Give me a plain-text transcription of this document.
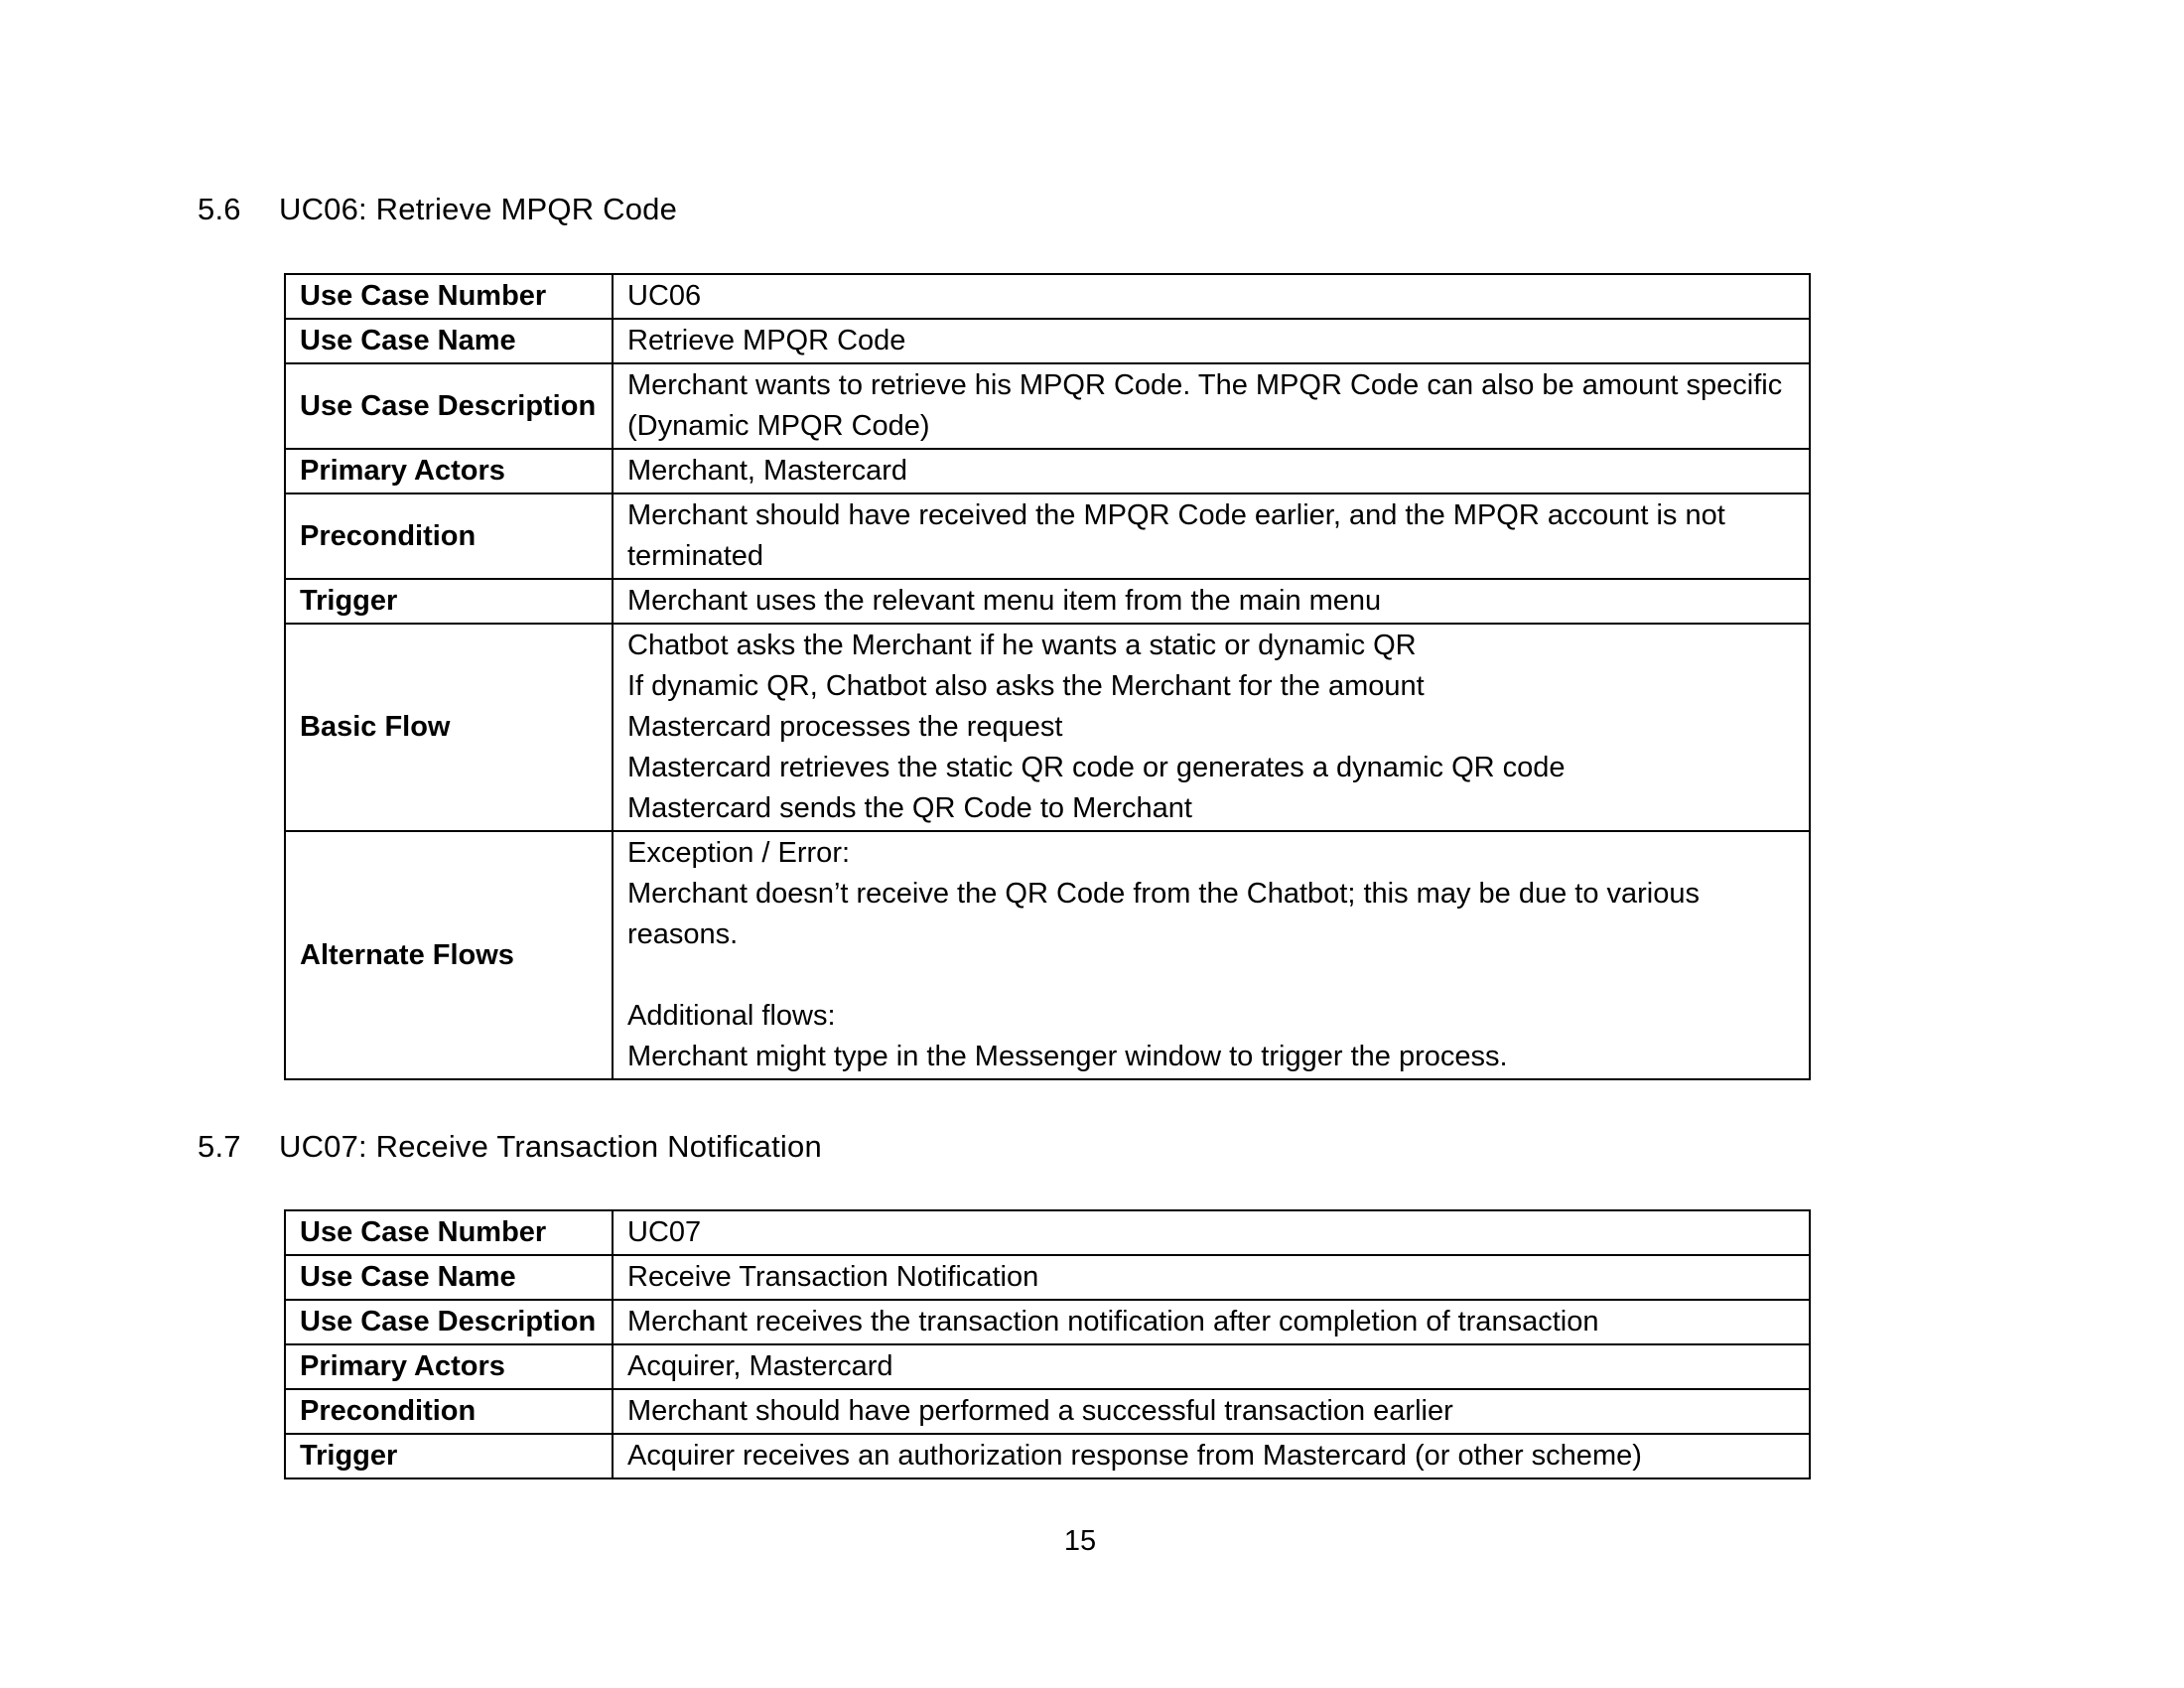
5.6 UC06: Retrieve MPQR Code
Use Case Number	UC06
Use Case Name	Retrieve MPQR Code
Use Case Description	Merchant wants to retrieve his MPQR Code. The MPQR Code can also be amount specific (Dynamic MPQR Code)
Primary Actors	Merchant, Mastercard
Precondition	Merchant should have received the MPQR Code earlier, and the MPQR account is not terminated
Trigger	Merchant uses the relevant menu item from the main menu
Basic Flow	Chatbot asks the Merchant if he wants a static or dynamic QR
If dynamic QR, Chatbot also asks the Merchant for the amount
Mastercard processes the request
Mastercard retrieves the static QR code or generates a dynamic QR code
Mastercard sends the QR Code to Merchant

Alternate Flows	Exception / Error:
Merchant doesn’t receive the QR Code from the Chatbot; this may be due to various reasons.
Additional flows:
Merchant might type in the Messenger window to trigger the process.
5.7 UC07: Receive Transaction Notification
Use Case Number	UC07
Use Case Name	Receive Transaction Notification
Use Case Description	Merchant receives the transaction notification after completion of transaction
Primary Actors	Acquirer, Mastercard
Precondition	Merchant should have performed a successful transaction earlier
Trigger	Acquirer receives an authorization response from Mastercard (or other scheme)
15
